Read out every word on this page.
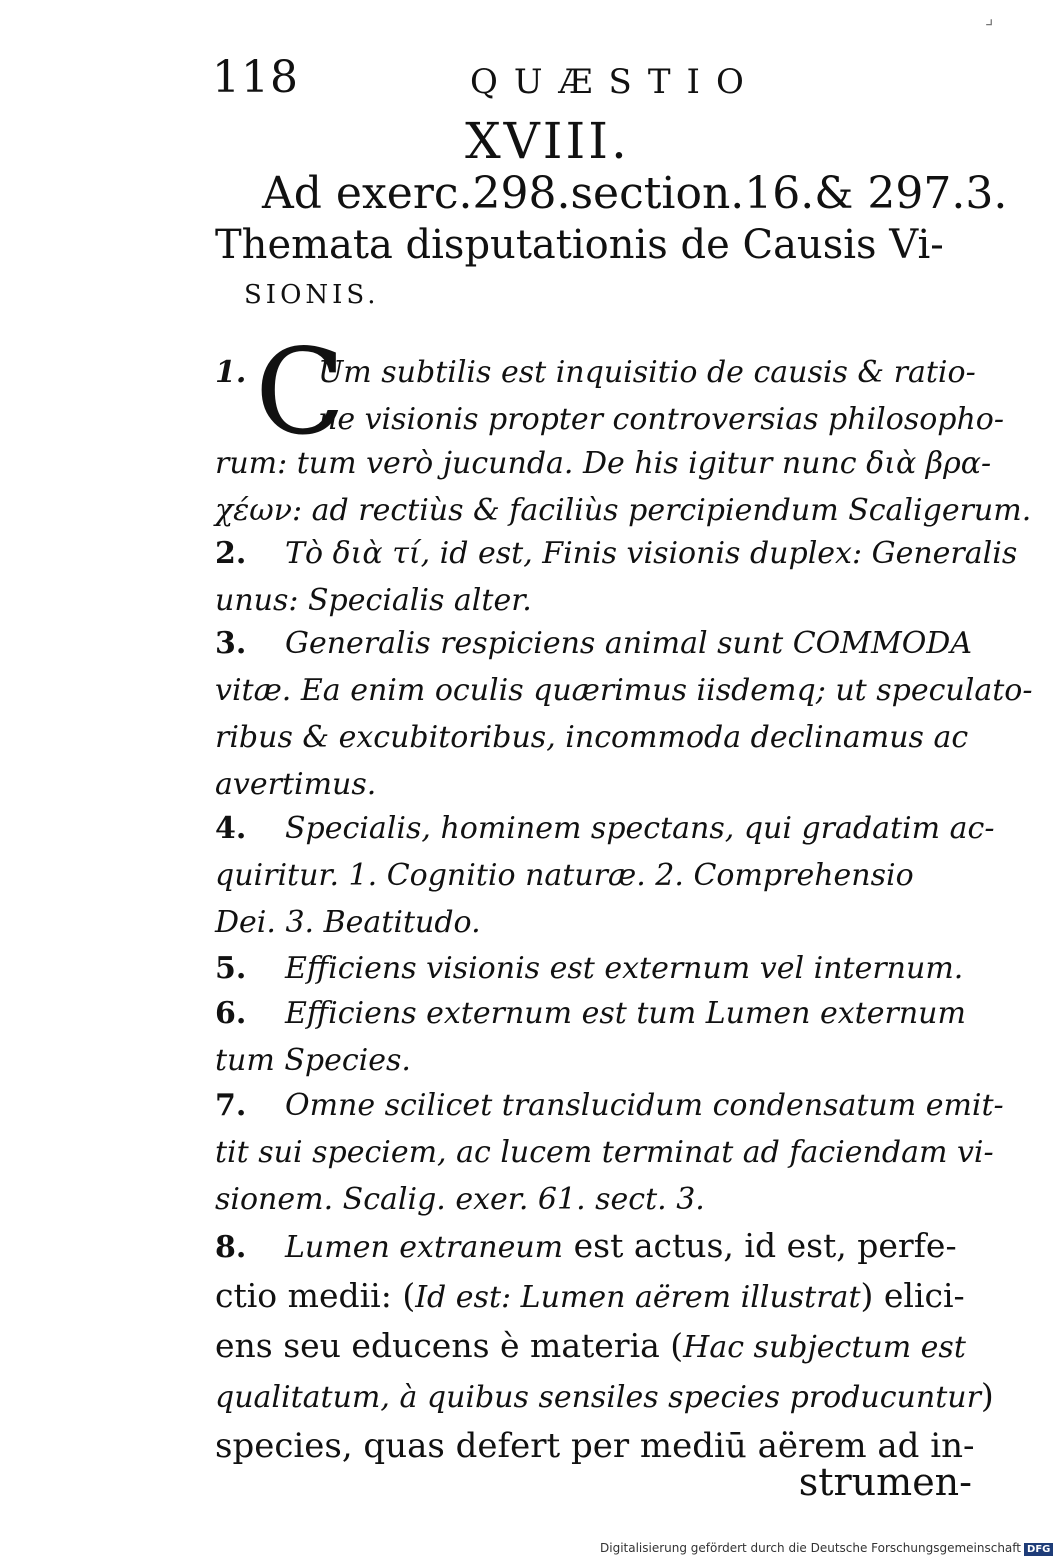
118	QUÆSTIO
XVIII.
Ad exerc.298.section.16.& 297.3.
Themata disputationis de Causis Vi-
SIONIS.
1. C
Um subtilis est inquisitio de causis & ratio-
ne visionis propter controversias philosopho-
rum: tum verò jucunda. De his igitur nunc διὰ βρα-
χέων: ad rectiùs & faciliùs percipiendum Scaligerum.
2. Τὸ διὰ τί, id est, Finis visionis duplex: Generalis
unus: Specialis alter.
3. Generalis respiciens animal sunt COMMODA
vitæ. Ea enim oculis quærimus iisdemq; ut speculato-
ribus & excubitoribus, incommoda declinamus ac
avertimus.
4. Specialis, hominem spectans, qui gradatim ac-
quiritur. 1. Cognitio naturæ. 2. Comprehensio
Dei. 3. Beatitudo.
5. Efficiens visionis est externum vel internum.
6. Efficiens externum est tum Lumen externum
tum Species.
7. Omne scilicet translucidum condensatum emit-
tit sui speciem, ac lucem terminat ad faciendam vi-
sionem. Scalig. exer. 61. sect. 3.
8. Lumen extraneum est actus, id est, perfe-
ctio medii: (Id est: Lumen aërem illustrat) elici-
ens seu educens è materia (Hac subjectum est
qualitatum, à quibus sensiles species producuntur)
species, quas defert per mediū aërem ad in-
strumen-
Digitalisierung gefördert durch die Deutsche Forschungsgemeinschaft DFG
⌟
